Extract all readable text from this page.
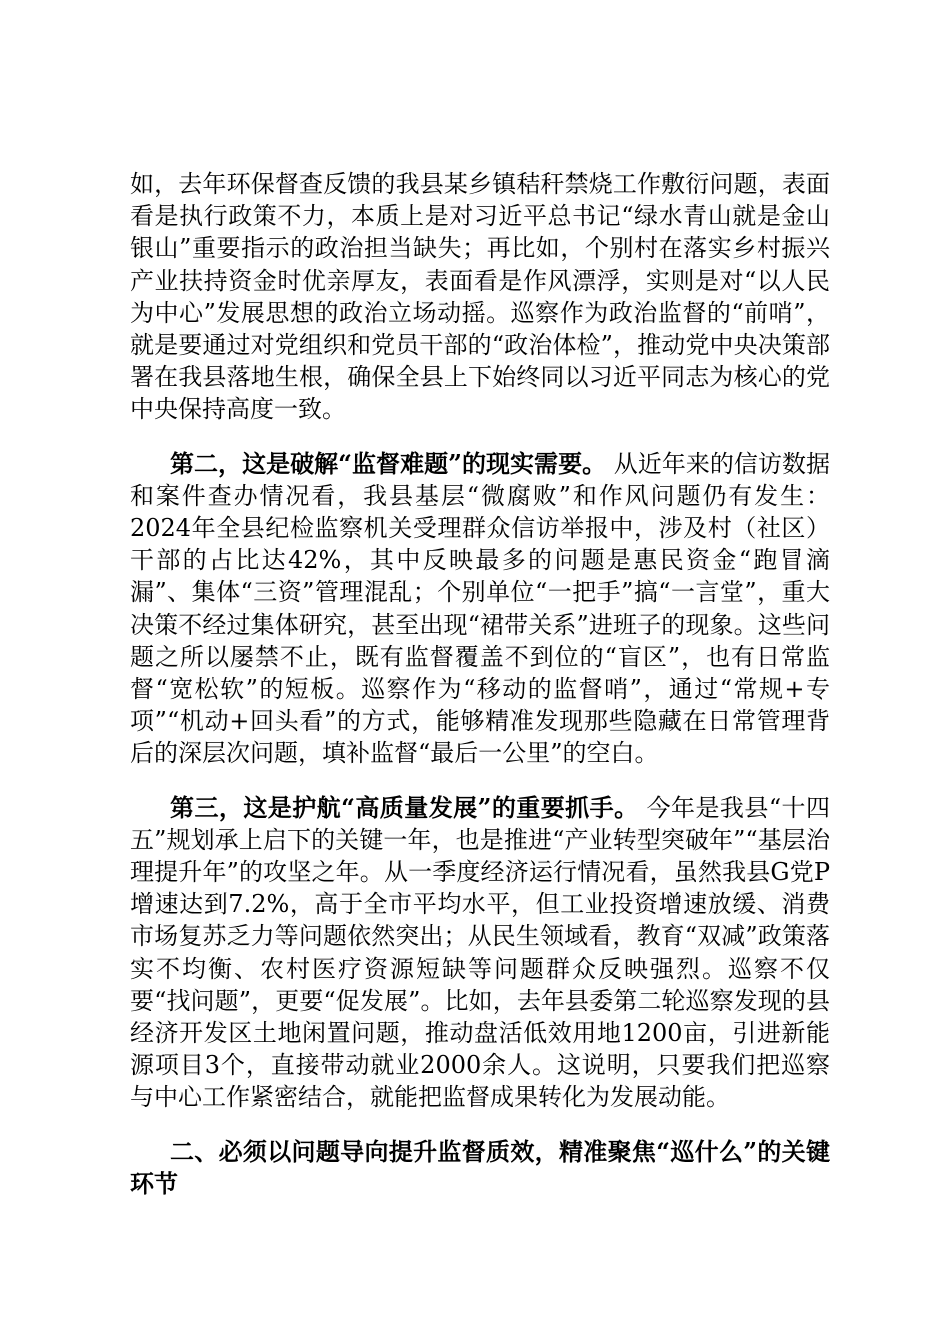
如，去年环保督查反馈的我县某乡镇秸秆禁烧工作敷衍问题，表面看是执行政策不力，本质上是对习近平总书记“绿水青山就是金山银山”重要指示的政治担当缺失；再比如，个别村在落实乡村振兴产业扶持资金时优亲厚友，表面看是作风漂浮，实则是对“以人民为中心”发展思想的政治立场动摇。巡察作为政治监督的“前哨”，就是要通过对党组织和党员干部的“政治体检”，推动党中央决策部署在我县落地生根，确保全县上下始终同以习近平同志为核心的党中央保持高度一致。

第二，这是破解“监督难题”的现实需要。 从近年来的信访数据和案件查办情况看，我县基层“微腐败”和作风问题仍有发生：2024年全县纪检监察机关受理群众信访举报中，涉及村（社区）干部的占比达42%，其中反映最多的问题是惠民资金“跑冒滴漏”、集体“三资”管理混乱；个别单位“一把手”搞“一言堂”，重大决策不经过集体研究，甚至出现“裙带关系”进班子的现象。这些问题之所以屡禁不止，既有监督覆盖不到位的“盲区”，也有日常监督“宽松软”的短板。巡察作为“移动的监督哨”，通过“常规+专项”“机动+回头看”的方式，能够精准发现那些隐藏在日常管理背后的深层次问题，填补监督“最后一公里”的空白。

第三，这是护航“高质量发展”的重要抓手。 今年是我县“十四五”规划承上启下的关键一年，也是推进“产业转型突破年”“基层治理提升年”的攻坚之年。从一季度经济运行情况看，虽然我县G党P增速达到7.2%，高于全市平均水平，但工业投资增速放缓、消费市场复苏乏力等问题依然突出；从民生领域看，教育“双减”政策落实不均衡、农村医疗资源短缺等问题群众反映强烈。巡察不仅要“找问题”，更要“促发展”。比如，去年县委第二轮巡察发现的县经济开发区土地闲置问题，推动盘活低效用地1200亩，引进新能源项目3个，直接带动就业2000余人。这说明，只要我们把巡察与中心工作紧密结合，就能把监督成果转化为发展动能。

二、必须以问题导向提升监督质效，精准聚焦“巡什么”的关键环节
